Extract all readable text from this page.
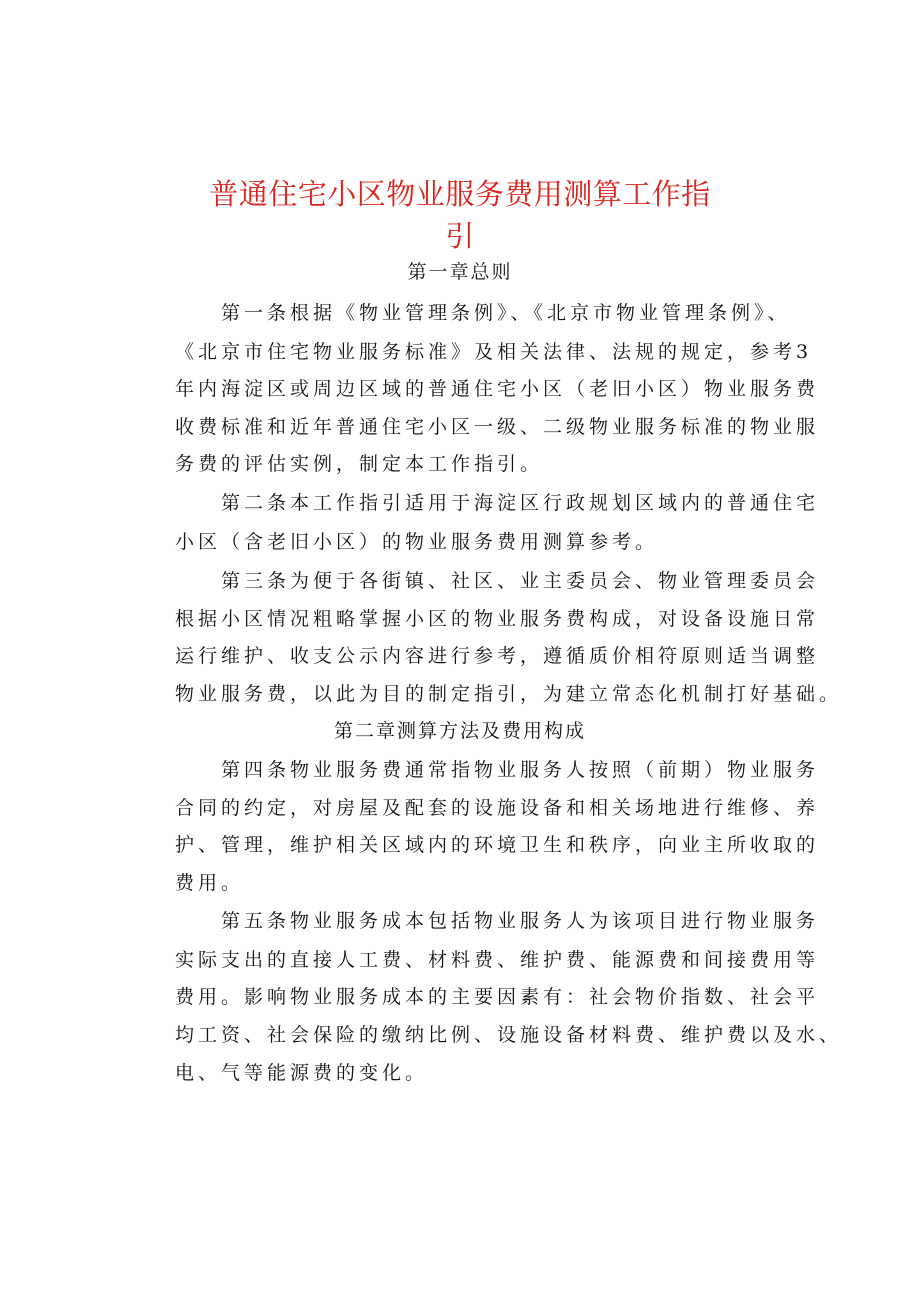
普通住宅小区物业服务费用测算工作指
引
第一章总则
第一条根据《物业管理条例》、《北京市物业管理条例》、
《北京市住宅物业服务标准》及相关法律、法规的规定，参考3
年内海淀区或周边区域的普通住宅小区（老旧小区）物业服务费
收费标准和近年普通住宅小区一级、二级物业服务标准的物业服
务费的评估实例，制定本工作指引。
第二条本工作指引适用于海淀区行政规划区域内的普通住宅
小区（含老旧小区）的物业服务费用测算参考。
第三条为便于各街镇、社区、业主委员会、物业管理委员会
根据小区情况粗略掌握小区的物业服务费构成，对设备设施日常
运行维护、收支公示内容进行参考，遵循质价相符原则适当调整
物业服务费，以此为目的制定指引，为建立常态化机制打好基础。
第二章测算方法及费用构成
第四条物业服务费通常指物业服务人按照（前期）物业服务
合同的约定，对房屋及配套的设施设备和相关场地进行维修、养
护、管理，维护相关区域内的环境卫生和秩序，向业主所收取的
费用。
第五条物业服务成本包括物业服务人为该项目进行物业服务
实际支出的直接人工费、材料费、维护费、能源费和间接费用等
费用。影响物业服务成本的主要因素有：社会物价指数、社会平
均工资、社会保险的缴纳比例、设施设备材料费、维护费以及水、
电、气等能源费的变化。
